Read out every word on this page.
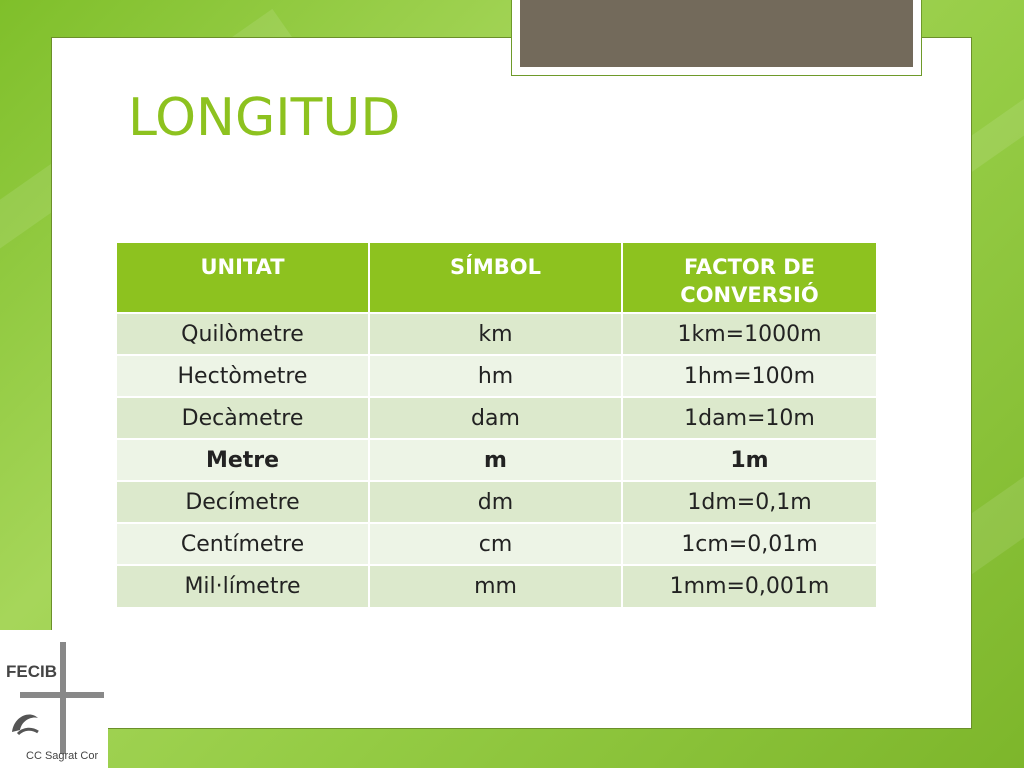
LONGITUD
UNITAT	SÍMBOL	FACTOR DE CONVERSIÓ
Quilòmetre	km	1km=1000m
Hectòmetre	hm	1hm=100m
Decàmetre	dam	1dam=10m
Metre	m	1m
Decímetre	dm	1dm=0,1m
Centímetre	cm	1cm=0,01m
Mil·límetre	mm	1mm=0,001m
FECIB
CC Sagrat Cor
